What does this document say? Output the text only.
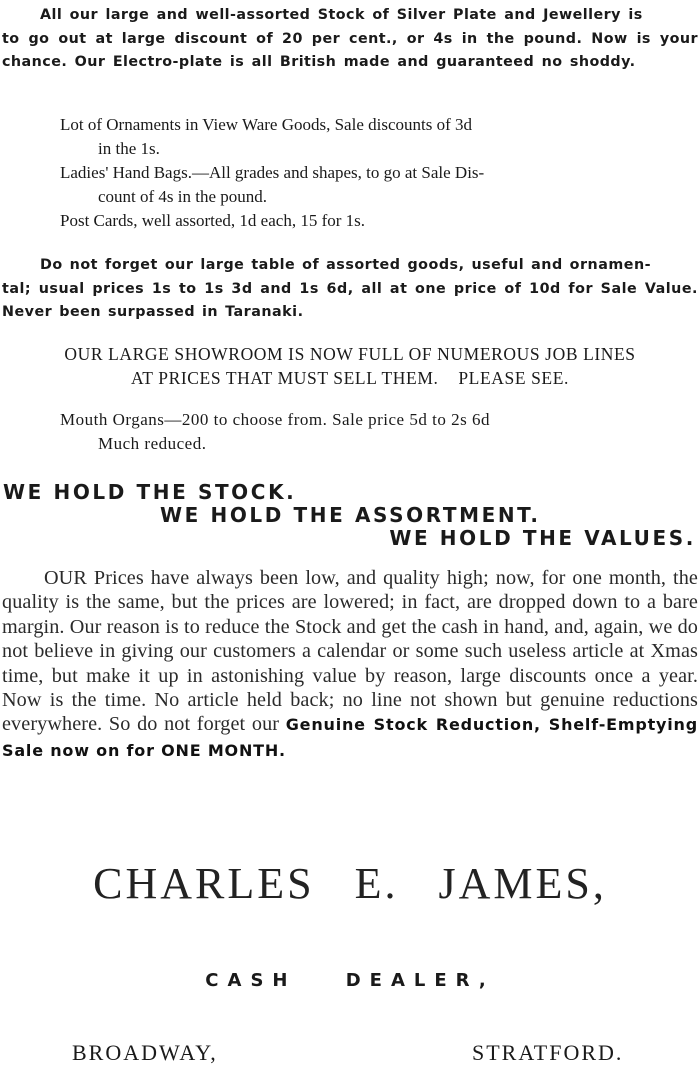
All our large and well-assorted Stock of Silver Plate and Jewellery is
to go out at large discount of 20 per cent., or 4s in the pound. Now is your chance. Our Electro-plate is all British made and guaranteed no shoddy.

Lot of Ornaments in View Ware Goods, Sale discounts of 3d
in the 1s.
Ladies' Hand Bags.—All grades and shapes, to go at Sale Dis-
count of 4s in the pound.
Post Cards, well assorted, 1d each, 15 for 1s.

Do not forget our large table of assorted goods, useful and ornamen-
tal; usual prices 1s to 1s 3d and 1s 6d, all at one price of 10d for Sale Value. Never been surpassed in Taranaki.

OUR LARGE SHOWROOM IS NOW FULL OF NUMEROUS JOB LINES
AT PRICES THAT MUST SELL THEM.    PLEASE SEE.
Mouth Organs—200 to choose from. Sale price 5d to 2s 6d
Much reduced.

WE HOLD THE STOCK.

WE HOLD THE ASSORTMENT.

WE HOLD THE VALUES.

OUR Prices have always been low, and quality high; now, for one month, the quality is the same, but the prices are lowered; in fact, are dropped down to a bare margin. Our reason is to reduce the Stock and get the cash in hand, and, again, we do not believe in giving our customers a calendar or some such useless article at Xmas time, but make it up in astonishing value by reason, large discounts once a year. Now is the time. No article held back; no line not shown but genuine reductions everywhere. So do not forget our Genuine Stock Reduction, Shelf-Emptying Sale now on for ONE MONTH.

CHARLES E. JAMES,

CASH DEALER,

BROADWAY,	STRATFORD.
